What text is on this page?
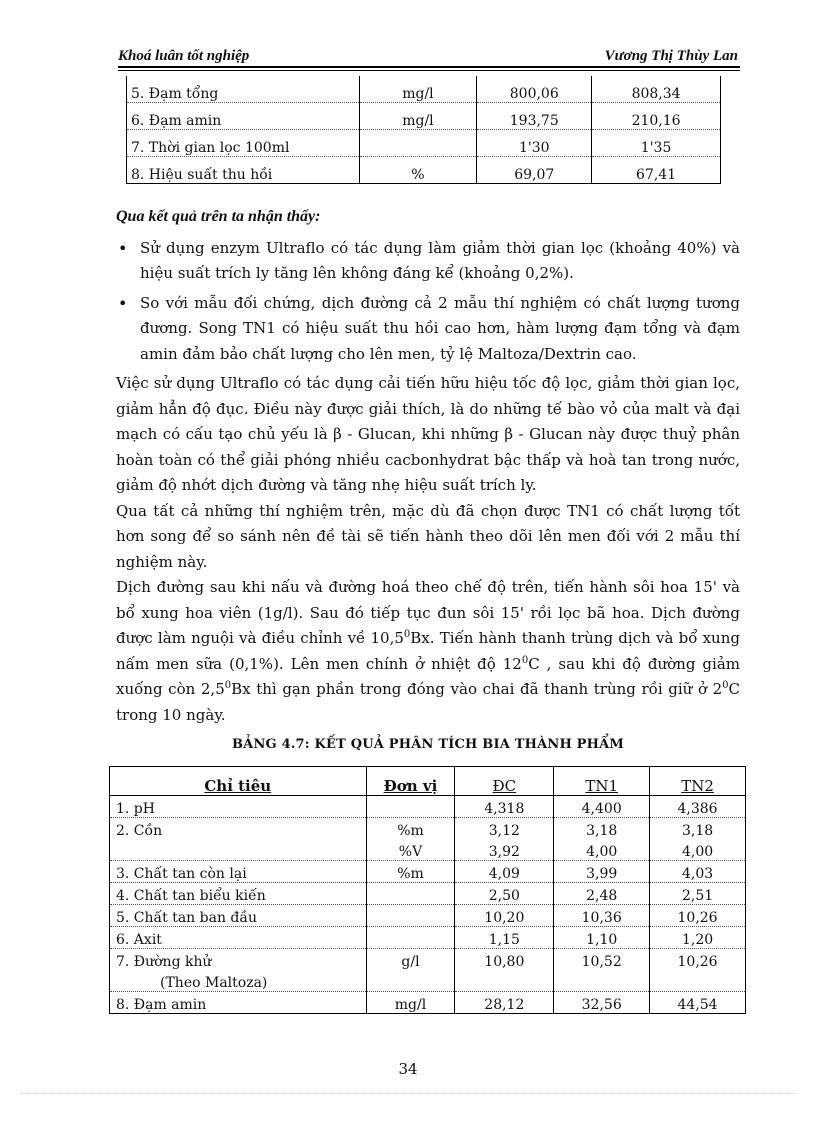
Khoá luân tốt nghiệp	Vương Thị Thùy Lan
5. Đạm tổng	mg/l	800,06	808,34
6. Đạm amin	mg/l	193,75	210,16
7. Thời gian lọc 100ml		1'30	1'35
8. Hiệu suất thu hồi	%	69,07	67,41
Qua kết quả trên ta nhận thấy:
• Sử dụng enzym Ultraflo có tác dụng làm giảm thời gian lọc (khoảng 40%) và hiệu suất trích ly tăng lên không đáng kể (khoảng 0,2%).
• So với mẫu đối chứng, dịch đường cả 2 mẫu thí nghiệm có chất lượng tương đương. Song TN1 có hiệu suất thu hồi cao hơn, hàm lượng đạm tổng và đạm amin đảm bảo chất lượng cho lên men, tỷ lệ Maltoza/Dextrin cao.

Việc sử dụng Ultraflo có tác dụng cải tiến hữu hiệu tốc độ lọc, giảm thời gian lọc, giảm hẳn độ đục. Điều này được giải thích, là do những tế bào vỏ của malt và đại mạch có cấu tạo chủ yếu là β - Glucan, khi những β - Glucan này được thuỷ phân hoàn toàn có thể giải phóng nhiều cacbonhydrat bậc thấp và hoà tan trong nước, giảm độ nhớt dịch đường và tăng nhẹ hiệu suất trích ly.

Qua tất cả những thí nghiệm trên, mặc dù đã chọn được TN1 có chất lượng tốt hơn song để so sánh nên đề tài sẽ tiến hành theo dõi lên men đối với 2 mẫu thí nghiệm này.

Dịch đường sau khi nấu và đường hoá theo chế độ trên, tiến hành sôi hoa 15' và bổ xung hoa viên (1g/l). Sau đó tiếp tục đun sôi 15' rồi lọc bã hoa. Dịch đường được làm nguội và điều chỉnh về 10,5$^0$Bx. Tiến hành thanh trùng dịch và bổ xung nấm men sữa (0,1%). Lên men chính ở nhiệt độ $12^0C$ , sau khi độ đường giảm xuống còn $2,5^0Bx$ thì gạn phần trong đóng vào chai đã thanh trùng rồi giữ ở $2^0C$ trong 10 ngày.

BẢNG 4.7: KẾT QUẢ PHÂN TÍCH BIA THÀNH PHẨM
Chỉ tiêu	Đơn vị	ĐC	TN1	TN2
1. pH		4,318	4,400	4,386
2. Cồn	%m	3,12	3,18	3,18
	%V	3,92	4,00	4,00
3. Chất tan còn lại	%m	4,09	3,99	4,03
4. Chất tan biểu kiến		2,50	2,48	2,51
5. Chất tan ban đầu		10,20	10,36	10,26
6. Axit		1,15	1,10	1,20
7. Đường khử	g/l	10,80	10,52	10,26
(Theo Maltoza)				
8. Đạm amin	mg/l	28,12	32,56	44,54
34
